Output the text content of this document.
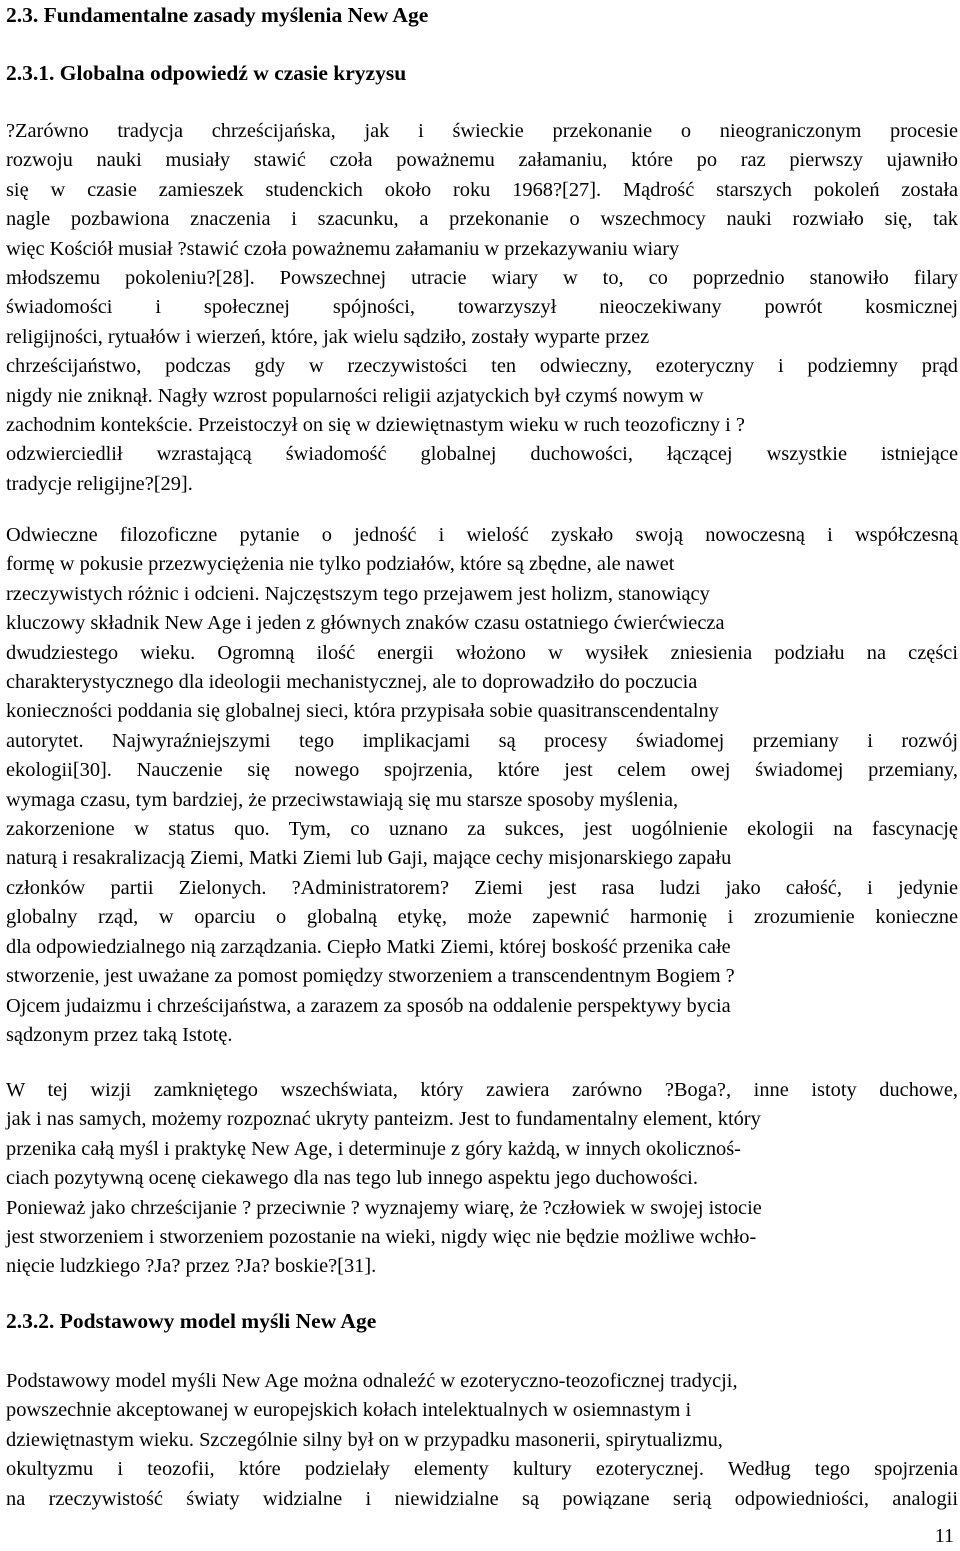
2.3. Fundamentalne zasady myślenia New Age
2.3.1. Globalna odpowiedź w czasie kryzysu
?Zarówno tradycja chrześcijańska, jak i świeckie przekonanie o nieograniczonym procesie
rozwoju nauki musiały stawić czoła poważnemu załamaniu, które po raz pierwszy ujawniło
się w czasie zamieszek studenckich około roku 1968?[27]. Mądrość starszych pokoleń została
nagle pozbawiona znaczenia i szacunku, a przekonanie o wszechmocy nauki rozwiało się, tak
więc Kościół musiał ?stawić czoła poważnemu załamaniu w przekazywaniu wiary
młodszemu pokoleniu?[28]. Powszechnej utracie wiary w to, co poprzednio stanowiło filary
świadomości i społecznej spójności, towarzyszył nieoczekiwany powrót kosmicznej
religijności, rytuałów i wierzeń, które, jak wielu sądziło, zostały wyparte przez
chrześcijaństwo, podczas gdy w rzeczywistości ten odwieczny, ezoteryczny i podziemny prąd
nigdy nie zniknął. Nagły wzrost popularności religii azjatyckich był czymś nowym w
zachodnim kontekście. Przeistoczył on się w dziewiętnastym wieku w ruch teozoficzny i ?
odzwierciedlił wzrastającą świadomość globalnej duchowości, łączącej wszystkie istniejące
tradycje religijne?[29].
Odwieczne filozoficzne pytanie o jedność i wielość zyskało swoją nowoczesną i współczesną
formę w pokusie przezwyciężenia nie tylko podziałów, które są zbędne, ale nawet
rzeczywistych różnic i odcieni. Najczęstszym tego przejawem jest holizm, stanowiący
kluczowy składnik New Age i jeden z głównych znaków czasu ostatniego ćwierćwiecza
dwudziestego wieku. Ogromną ilość energii włożono w wysiłek zniesienia podziału na części
charakterystycznego dla ideologii mechanistycznej, ale to doprowadziło do poczucia
konieczności poddania się globalnej sieci, która przypisała sobie quasitranscendentalny
autorytet. Najwyraźniejszymi tego implikacjami są procesy świadomej przemiany i rozwój
ekologii[30]. Nauczenie się nowego spojrzenia, które jest celem owej świadomej przemiany,
wymaga czasu, tym bardziej, że przeciwstawiają się mu starsze sposoby myślenia,
zakorzenione w status quo. Tym, co uznano za sukces, jest uogólnienie ekologii na fascynację
naturą i resakralizacją Ziemi, Matki Ziemi lub Gaji, mające cechy misjonarskiego zapału
członków partii Zielonych. ?Administratorem? Ziemi jest rasa ludzi jako całość, i jedynie
globalny rząd, w oparciu o globalną etykę, może zapewnić harmonię i zrozumienie konieczne
dla odpowiedzialnego nią zarządzania. Ciepło Matki Ziemi, której boskość przenika całe
stworzenie, jest uważane za pomost pomiędzy stworzeniem a transcendentnym Bogiem ?
Ojcem judaizmu i chrześcijaństwa, a zarazem za sposób na oddalenie perspektywy bycia
sądzonym przez taką Istotę.
W tej wizji zamkniętego wszechświata, który zawiera zarówno ?Boga?, inne istoty duchowe,
jak i nas samych, możemy rozpoznać ukryty panteizm. Jest to fundamentalny element, który
przenika całą myśl i praktykę New Age, i determinuje z góry każdą, w innych okolicznoś-
ciach pozytywną ocenę ciekawego dla nas tego lub innego aspektu jego duchowości.
Ponieważ jako chrześcijanie ? przeciwnie ? wyznajemy wiarę, że ?człowiek w swojej istocie
jest stworzeniem i stworzeniem pozostanie na wieki, nigdy więc nie będzie możliwe wchło-
nięcie ludzkiego ?Ja? przez ?Ja? boskie?[31].
2.3.2. Podstawowy model myśli New Age
Podstawowy model myśli New Age można odnaleźć w ezoteryczno-teozoficznej tradycji,
powszechnie akceptowanej w europejskich kołach intelektualnych w osiemnastym i
dziewiętnastym wieku. Szczególnie silny był on w przypadku masonerii, spirytualizmu,
okultyzmu i teozofii, które podzielały elementy kultury ezoterycznej. Według tego spojrzenia
na rzeczywistość światy widzialne i niewidzialne są powiązane serią odpowiedniości, analogii
11
